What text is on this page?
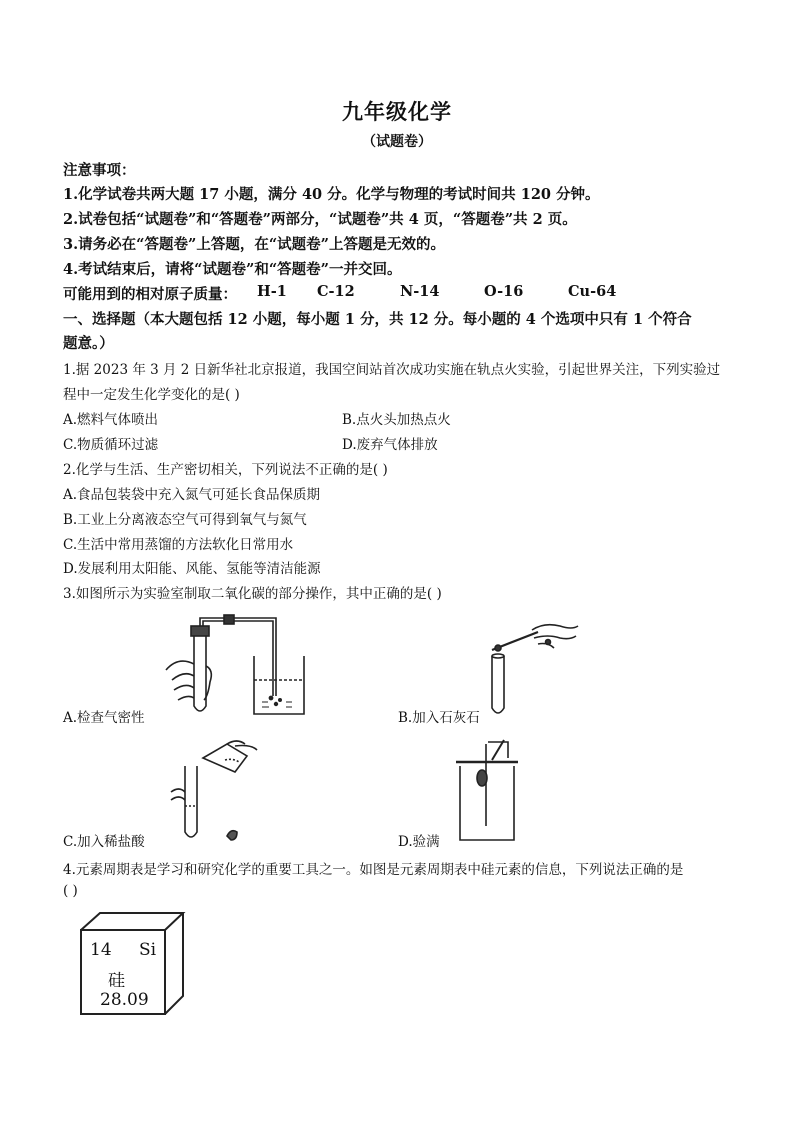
九年级化学
（试题卷）
注意事项：
1.化学试卷共两大题 17 小题，满分 40 分。化学与物理的考试时间共 120 分钟。
2.试卷包括“试题卷”和“答题卷”两部分，“试题卷”共 4 页，“答题卷”共 2 页。
3.请务必在“答题卷”上答题，在“试题卷”上答题是无效的。
4.考试结束后，请将“试题卷”和“答题卷”一并交回。
可能用到的相对原子质量：	H-1	C-12	N-14	O-16	Cu-64
一、选择题（本大题包括 12 小题，每小题 1 分，共 12 分。每小题的 4 个选项中只有 1 个符合
题意。）
1.据 2023 年 3 月 2 日新华社北京报道，我国空间站首次成功实施在轨点火实验，引起世界关注，下列实验过
程中一定发生化学变化的是( )
A.燃料气体喷出	B.点火头加热点火
C.物质循环过滤	D.废弃气体排放
2.化学与生活、生产密切相关，下列说法不正确的是( )
A.食品包装袋中充入氮气可延长食品保质期
B.工业上分离液态空气可得到氧气与氮气
C.生活中常用蒸馏的方法软化日常用水
D.发展利用太阳能、风能、氢能等清洁能源
3.如图所示为实验室制取二氧化碳的部分操作，其中正确的是( )
A.检查气密性	B.加入石灰石
C.加入稀盐酸	D.验满
4.元素周期表是学习和研究化学的重要工具之一。如图是元素周期表中硅元素的信息，下列说法正确的是
( )
14 Si
硅
28.09
